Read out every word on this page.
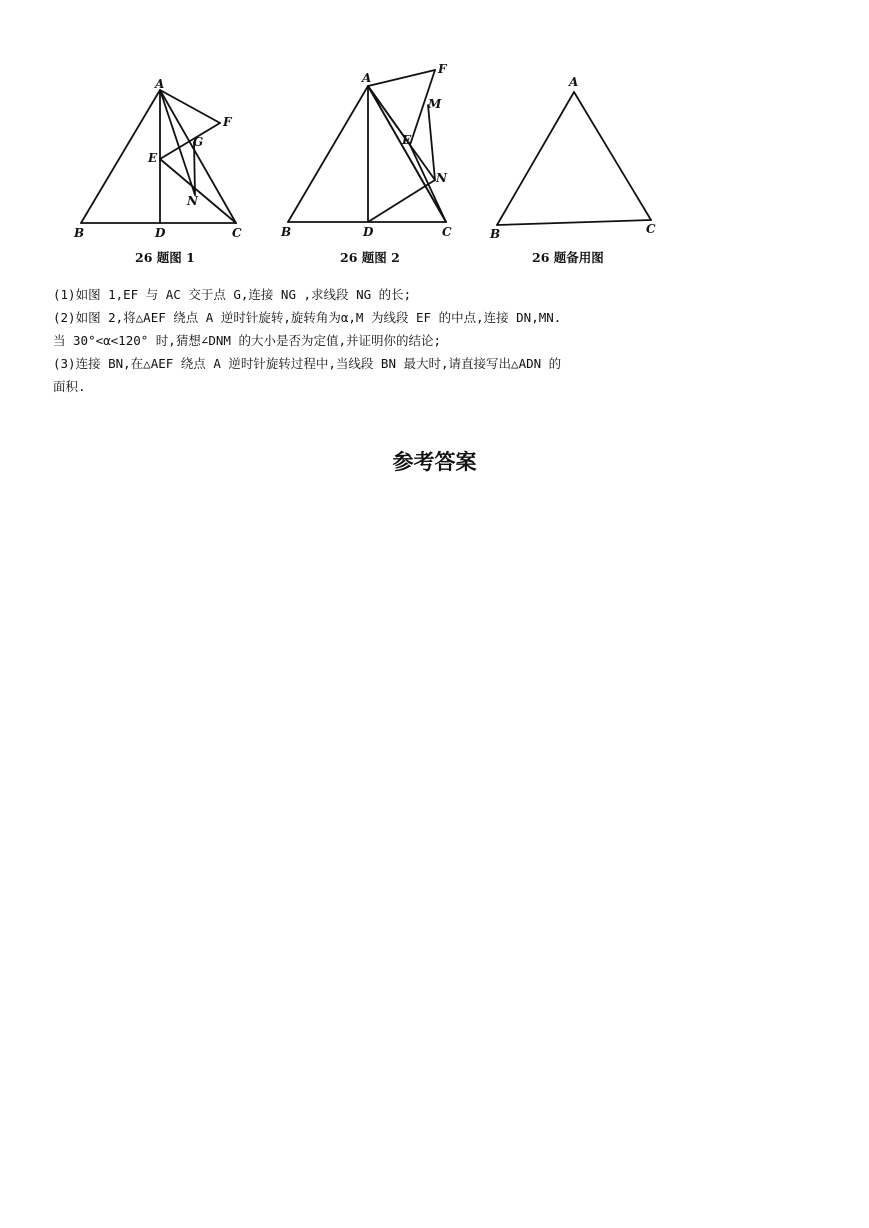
A
B	C
D
E
F
G
N
26 题图 1
A
B	C
D
E
F
M
N
26 题图 2
A
B	C
26 题备用图

(1)如图 1,EF 与 AC 交于点 G,连接 NG ,求线段 NG 的长;

(2)如图 2,将△AEF 绕点 A 逆时针旋转,旋转角为α,M 为线段 EF 的中点,连接 DN,MN.

当 30°<α<120° 时,猜想∠DNM 的大小是否为定值,并证明你的结论;

(3)连接 BN,在△AEF 绕点 A 逆时针旋转过程中,当线段 BN 最大时,请直接写出△ADN 的

面积.

参考答案
